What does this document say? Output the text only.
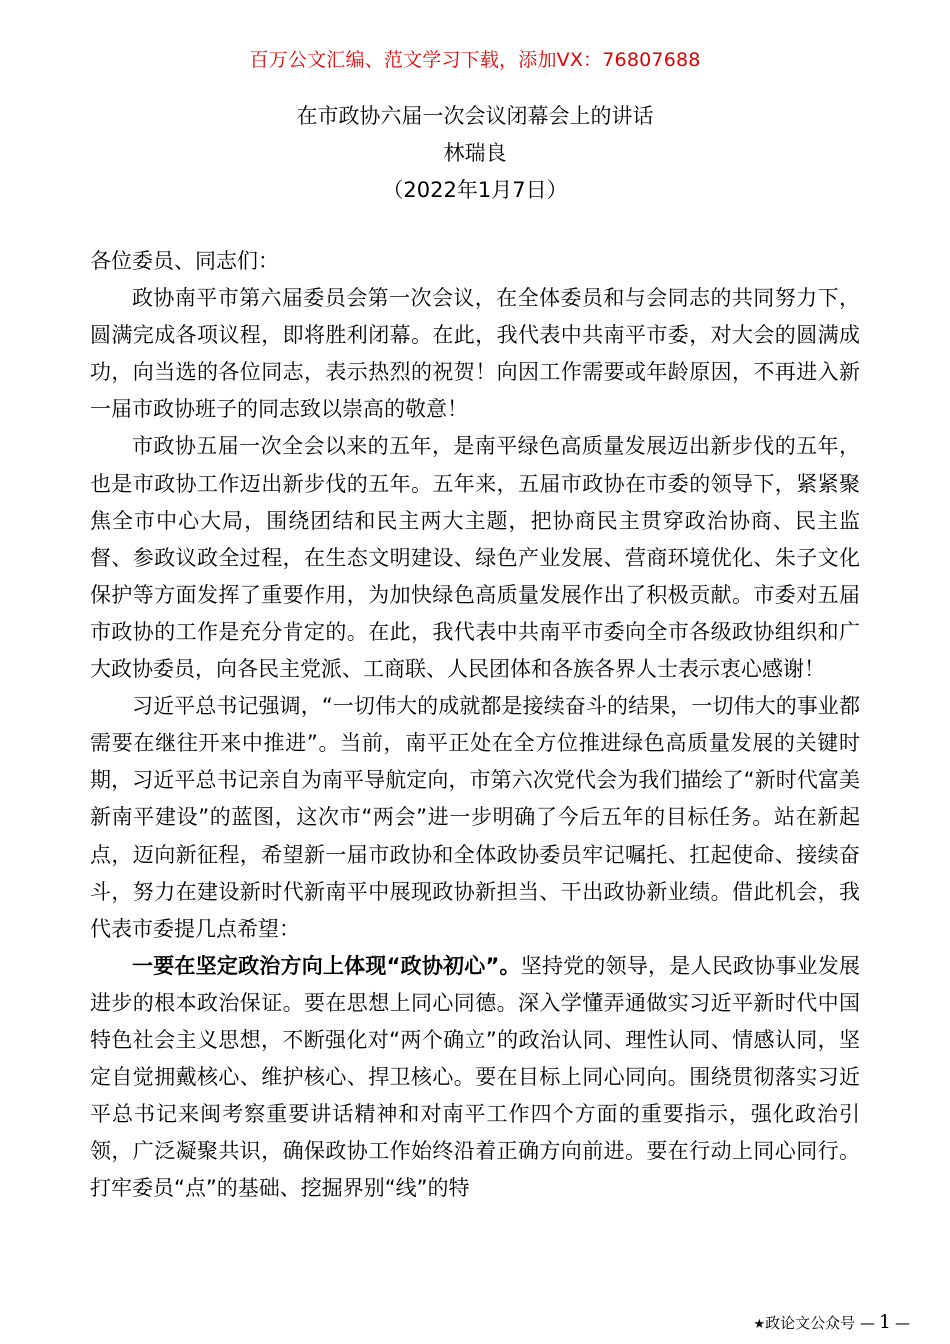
百万公文汇编、范文学习下载，添加VX：76807688
在市政协六届一次会议闭幕会上的讲话
林瑞良
（2022年1月7日）

各位委员、同志们：

政协南平市第六届委员会第一次会议，在全体委员和与会同志的共同努力下，圆满完成各项议程，即将胜利闭幕。在此，我代表中共南平市委，对大会的圆满成功，向当选的各位同志，表示热烈的祝贺！向因工作需要或年龄原因，不再进入新一届市政协班子的同志致以崇高的敬意！

市政协五届一次全会以来的五年，是南平绿色高质量发展迈出新步伐的五年，也是市政协工作迈出新步伐的五年。五年来，五届市政协在市委的领导下，紧紧聚焦全市中心大局，围绕团结和民主两大主题，把协商民主贯穿政治协商、民主监督、参政议政全过程，在生态文明建设、绿色产业发展、营商环境优化、朱子文化保护等方面发挥了重要作用，为加快绿色高质量发展作出了积极贡献。市委对五届市政协的工作是充分肯定的。在此，我代表中共南平市委向全市各级政协组织和广大政协委员，向各民主党派、工商联、人民团体和各族各界人士表示衷心感谢！

习近平总书记强调，“一切伟大的成就都是接续奋斗的结果，一切伟大的事业都需要在继往开来中推进”。当前，南平正处在全方位推进绿色高质量发展的关键时期，习近平总书记亲自为南平导航定向，市第六次党代会为我们描绘了“新时代富美新南平建设”的蓝图，这次市“两会”进一步明确了今后五年的目标任务。站在新起点，迈向新征程，希望新一届市政协和全体政协委员牢记嘱托、扛起使命、接续奋斗，努力在建设新时代新南平中展现政协新担当、干出政协新业绩。借此机会，我代表市委提几点希望：

一要在坚定政治方向上体现“政协初心”。坚持党的领导，是人民政协事业发展进步的根本政治保证。要在思想上同心同德。深入学懂弄通做实习近平新时代中国特色社会主义思想，不断强化对“两个确立”的政治认同、理性认同、情感认同，坚定自觉拥戴核心、维护核心、捍卫核心。要在目标上同心同向。围绕贯彻落实习近平总书记来闽考察重要讲话精神和对南平工作四个方面的重要指示，强化政治引领，广泛凝聚共识，确保政协工作始终沿着正确方向前进。要在行动上同心同行。打牢委员“点”的基础、挖掘界别“线”的特

★政论文公众号 — 1 —
